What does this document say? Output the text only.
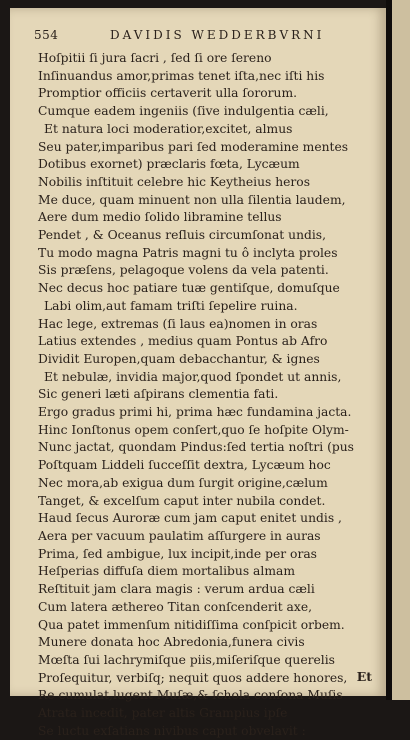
554	DAVIDIS WEDDERBVRNI
Hoſpitii ſi jura ſacri , ſed ſi ore ſereno
Inſinuandus amor,primas tenet iſta,nec iſti his
Promptior officiis certaverit ulla ſororum.
Cumque eadem ingeniis (ſive indulgentia cæli,
Et natura loci moderatior,excitet, almus
Seu pater,imparibus pari ſed moderamine mentes
Dotibus exornet) præclaris fœta, Lycæum
Nobilis inſtituit celebre hic Keytheius heros
Me duce, quam minuent non ulla ſilentia laudem,
Aere dum medio ſolido libramine tellus
Pendet , & Oceanus reſluis circumſonat undis,
Tu modo magna Patris magni tu ô inclyta proles
Sis præſens, pelagoque volens da vela patenti.
Nec decus hoc patiare tuæ gentiſque, domuſque
Labi olim,aut famam triſti ſepelire ruina.
Hac lege, extremas (ſi laus ea)nomen in oras
Latius extendes , medius quam Pontus ab Afro
Dividit Europen,quam debacchantur, & ignes
Et nebulæ, invidia major,quod ſpondet ut annis,
Sic generi læti aſpirans clementia fati.
Ergo gradus primi hi, prima hæc fundamina jacta.
Hinc Ionſtonus opem conſert,quo ſe hoſpite Olym-
Nunc jactat, quondam Pindus:ſed tertia noſtri (pus
Poſtquam Liddeli ſucceſſit dextra, Lycæum hoc
Nec mora,ab exigua dum ſurgit origine,cælum
Tanget, & excelſum caput inter nubila condet.
Haud ſecus Auroræ cum jam caput enitet undis ,
Aera per vacuum paulatim aſſurgere in auras
Prima, ſed ambigue, lux incipit,inde per oras
Heſperias diffuſa diem mortalibus almam
Reſtituit jam clara magis : verum ardua cæli
Cum latera æthereo Titan conſcenderit axe,
Qua patet immenſum nitidiſſima conſpicit orbem.
Munere donata hoc Abredonia,funera civis
Mœſta ſui lachrymiſque piis,miſeriſque querelis
Proſequitur, verbiſq; nequit quos addere honores,
Re cumulat,lugent Muſæ,& ſchola conſona Muſis
Atrata incedit, pater altis Grampius ipſe
Se luctu exſatians nivibus caput obvelavit :
Et
